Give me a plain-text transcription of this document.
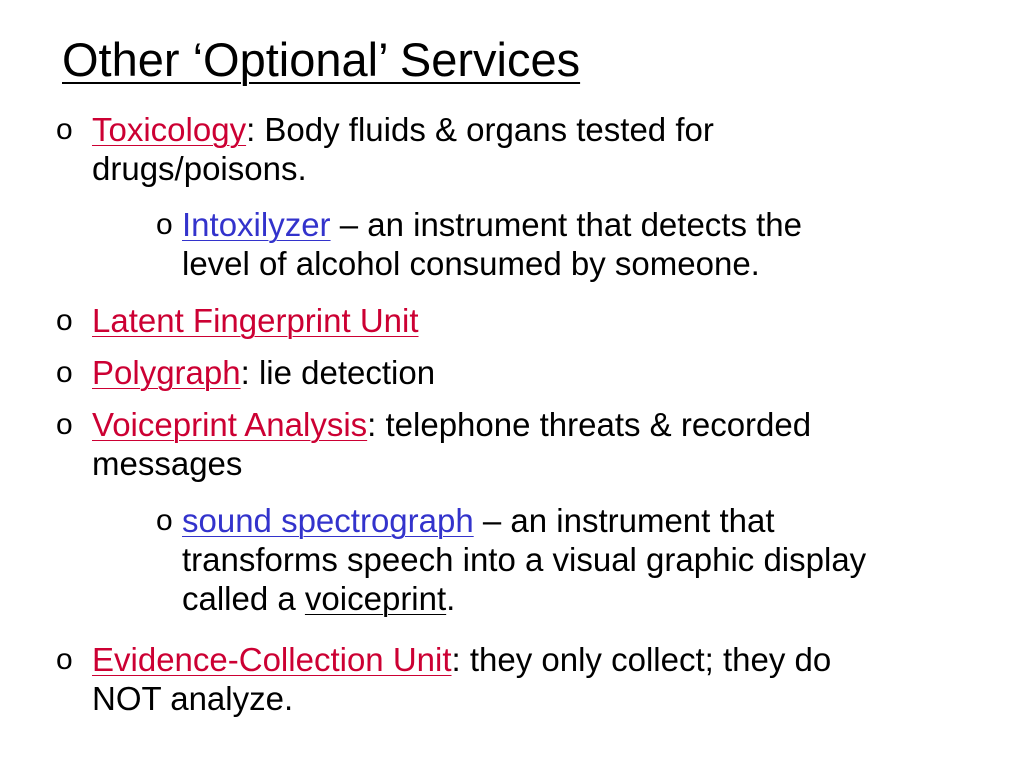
Other ‘Optional’ Services
o Toxicology: Body fluids & organs tested for
drugs/poisons.
o Intoxilyzer – an instrument that detects the
level of alcohol consumed by someone.
o Latent Fingerprint Unit
o Polygraph: lie detection
o Voiceprint Analysis: telephone threats & recorded
messages
o sound spectrograph – an instrument that
transforms speech into a visual graphic display
called a voiceprint.
o Evidence-Collection Unit: they only collect; they do
NOT analyze.
